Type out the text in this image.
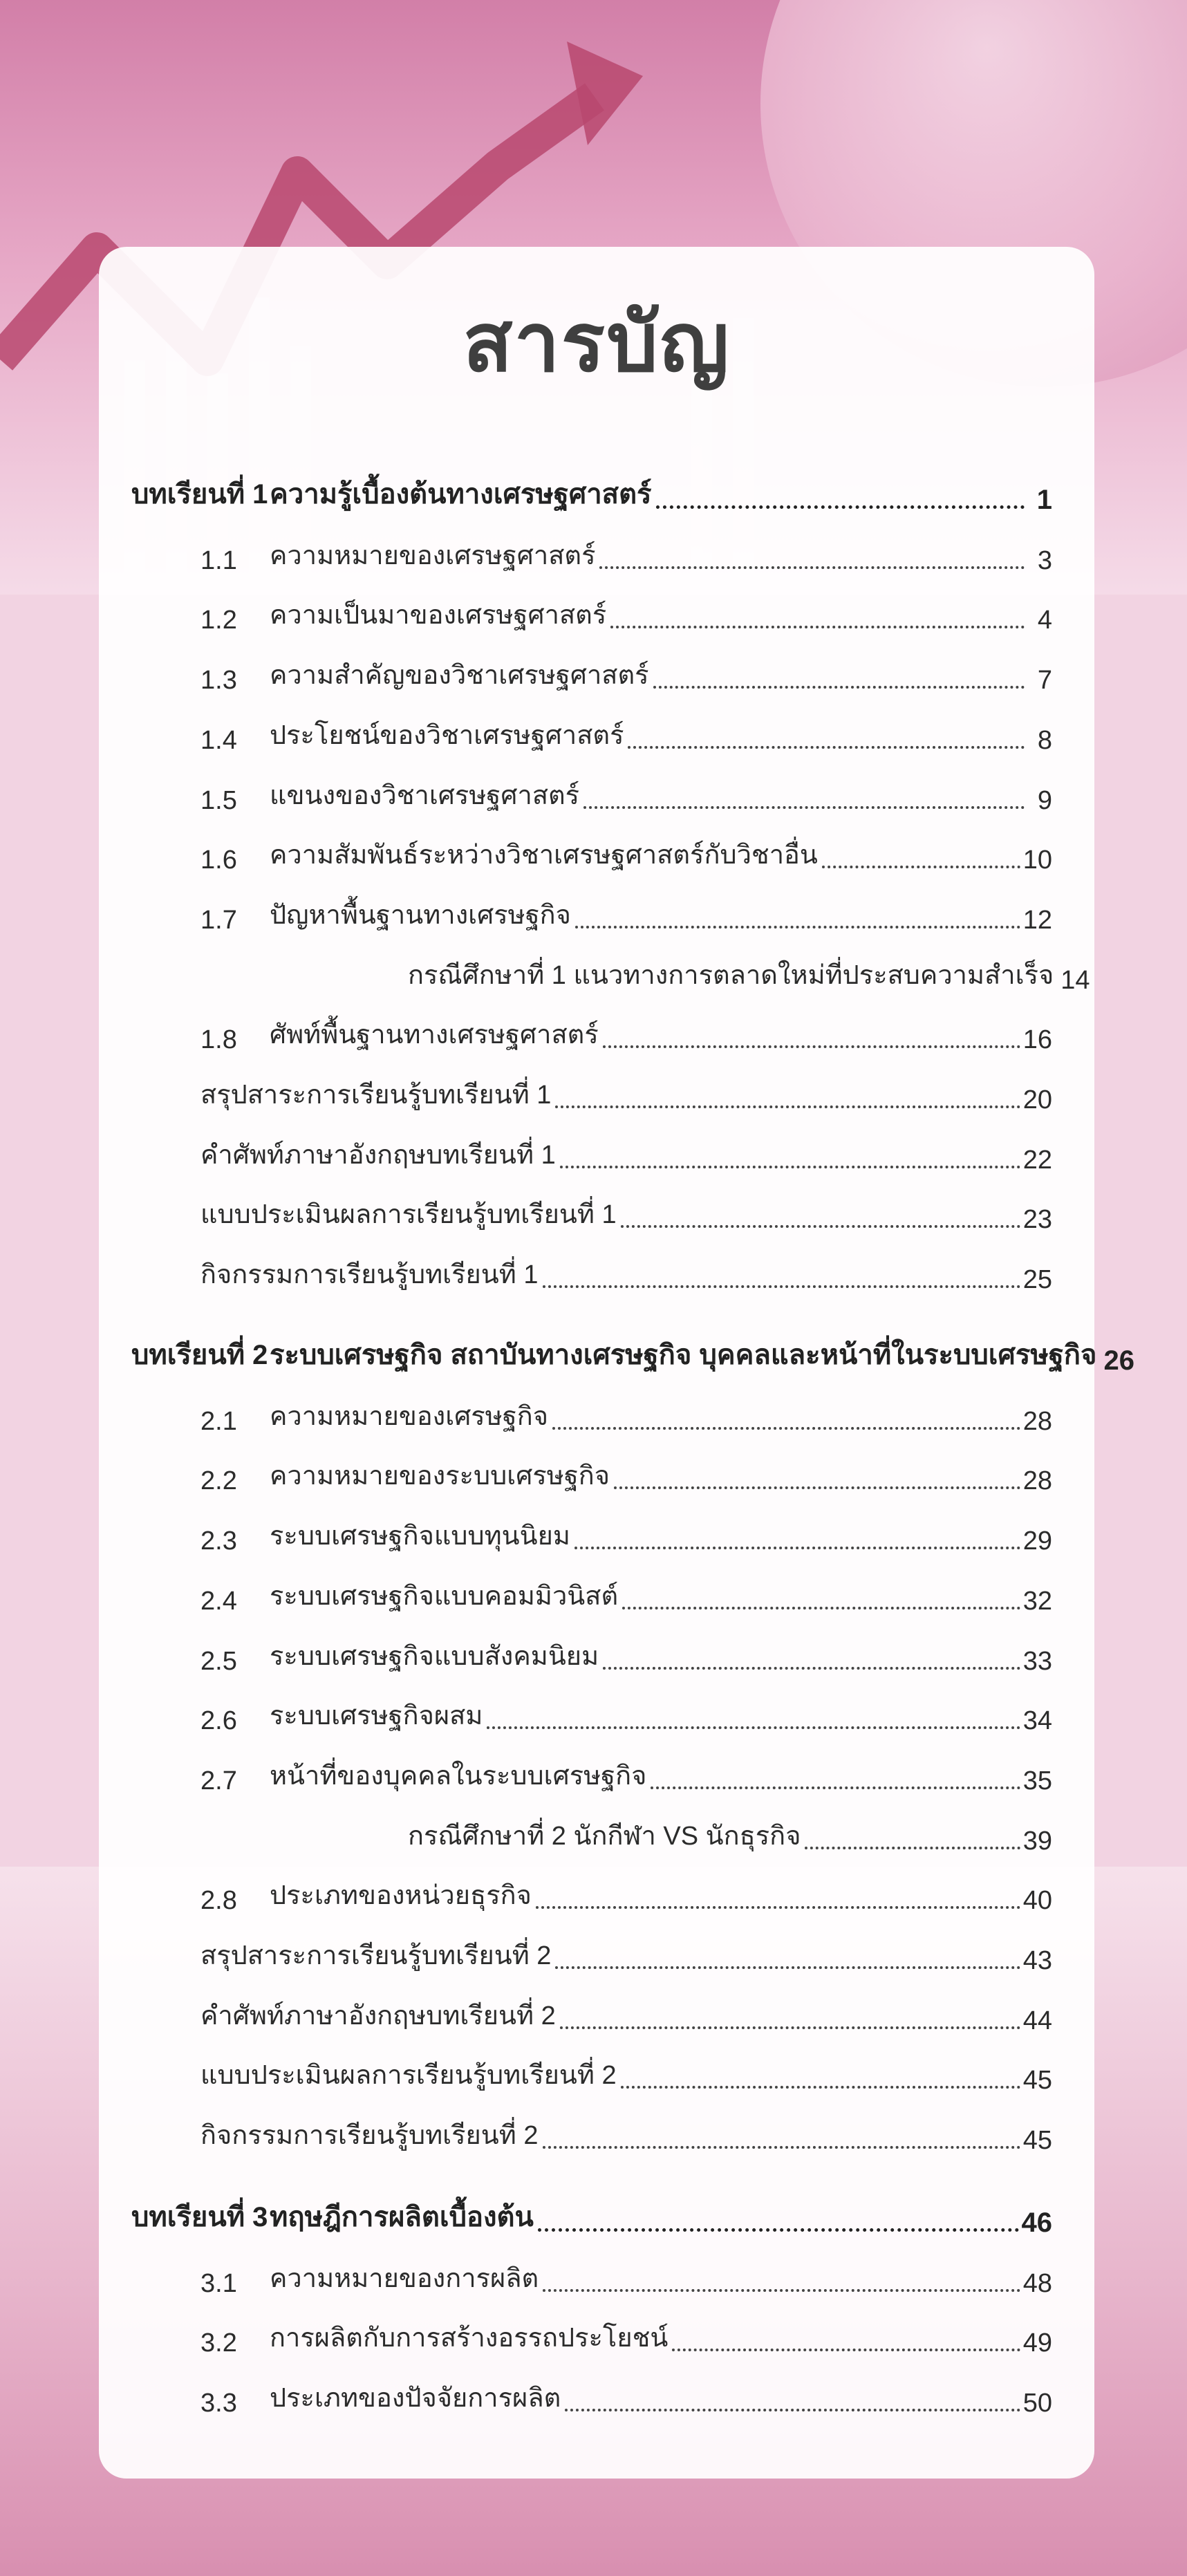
สารบัญ
บทเรียนที่ 1 ความรู้เบื้องต้นทางเศรษฐศาสตร์	1
1.1	ความหมายของเศรษฐศาสตร์	3
1.2	ความเป็นมาของเศรษฐศาสตร์	4
1.3	ความสำคัญของวิชาเศรษฐศาสตร์	7
1.4	ประโยชน์ของวิชาเศรษฐศาสตร์	8
1.5	แขนงของวิชาเศรษฐศาสตร์	9
1.6	ความสัมพันธ์ระหว่างวิชาเศรษฐศาสตร์กับวิชาอื่น	10
1.7	ปัญหาพื้นฐานทางเศรษฐกิจ	12
กรณีศึกษาที่ 1 แนวทางการตลาดใหม่ที่ประสบความสำเร็จ 14
1.8	ศัพท์พื้นฐานทางเศรษฐศาสตร์	16
สรุปสาระการเรียนรู้บทเรียนที่ 1	20
คำศัพท์ภาษาอังกฤษบทเรียนที่ 1	22
แบบประเมินผลการเรียนรู้บทเรียนที่ 1	23
กิจกรรมการเรียนรู้บทเรียนที่ 1	25
บทเรียนที่ 2 ระบบเศรษฐกิจ สถาบันทางเศรษฐกิจ บุคคลและหน้าที่ในระบบเศรษฐกิจ 26
2.1	ความหมายของเศรษฐกิจ	28
2.2	ความหมายของระบบเศรษฐกิจ	28
2.3	ระบบเศรษฐกิจแบบทุนนิยม	29
2.4	ระบบเศรษฐกิจแบบคอมมิวนิสต์	32
2.5	ระบบเศรษฐกิจแบบสังคมนิยม	33
2.6	ระบบเศรษฐกิจผสม	34
2.7	หน้าที่ของบุคคลในระบบเศรษฐกิจ	35
กรณีศึกษาที่ 2 นักกีฬา VS นักธุรกิจ	39
2.8	ประเภทของหน่วยธุรกิจ	40
สรุปสาระการเรียนรู้บทเรียนที่ 2	43
คำศัพท์ภาษาอังกฤษบทเรียนที่ 2	44
แบบประเมินผลการเรียนรู้บทเรียนที่ 2	45
กิจกรรมการเรียนรู้บทเรียนที่ 2	45
บทเรียนที่ 3 ทฤษฎีการผลิตเบื้องต้น	46
3.1	ความหมายของการผลิต	48
3.2	การผลิตกับการสร้างอรรถประโยชน์	49
3.3	ประเภทของปัจจัยการผลิต	50
